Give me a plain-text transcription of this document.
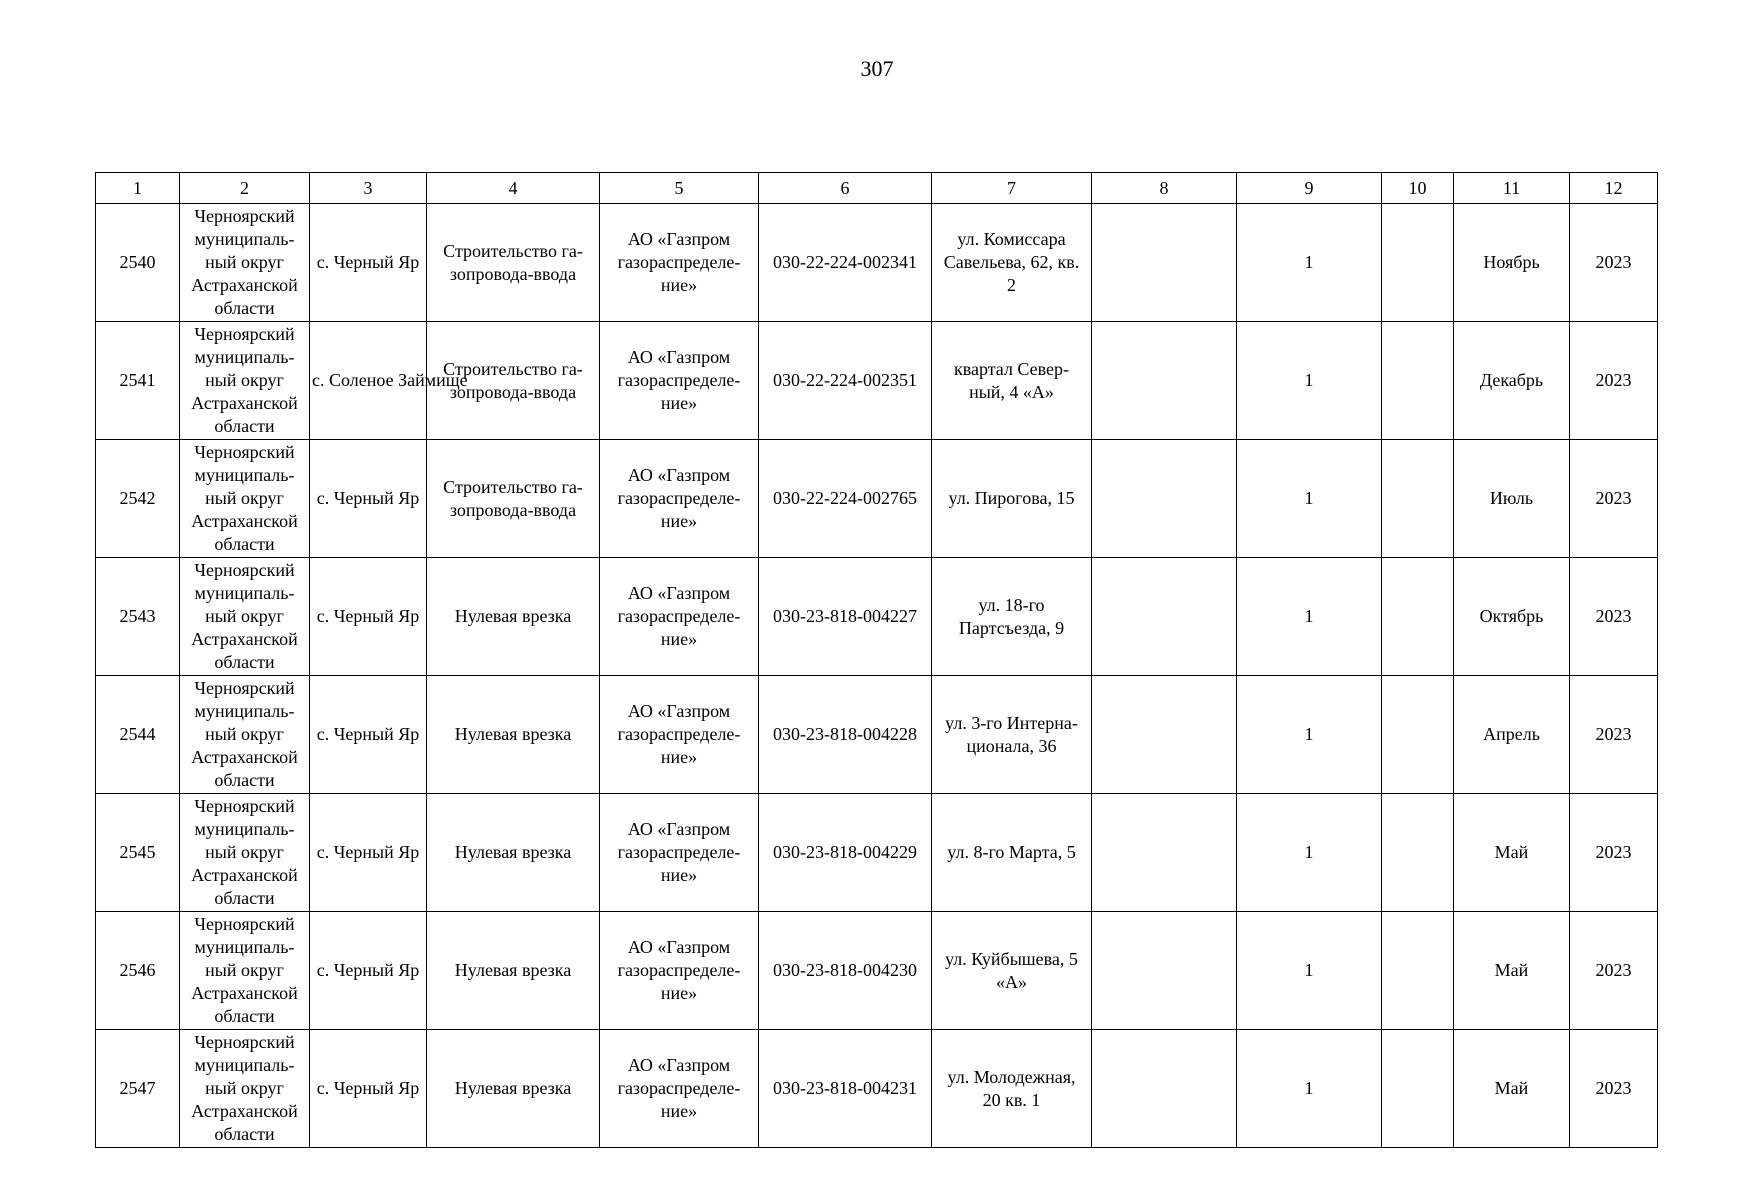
307
1	2	3	4	5	6	7	8	9	10	11	12
2540	Черноярский
муниципаль-
ный округ
Астраханской
области	с. Черный Яр	Строительство га-
зопровода-ввода	АО «Газпром
газораспределе-
ние»	030-22-224-002341	ул. Комиссара
Савельева, 62, кв.
2		1		Ноябрь	2023
2541	Черноярский
муниципаль-
ный округ
Астраханской
области	с. Соленое Займище	Строительство га-
зопровода-ввода	АО «Газпром
газораспределе-
ние»	030-22-224-002351	квартал Север-
ный, 4 «А»		1		Декабрь	2023
2542	Черноярский
муниципаль-
ный округ
Астраханской
области	с. Черный Яр	Строительство га-
зопровода-ввода	АО «Газпром
газораспределе-
ние»	030-22-224-002765	ул. Пирогова, 15		1		Июль	2023
2543	Черноярский
муниципаль-
ный округ
Астраханской
области	с. Черный Яр	Нулевая врезка	АО «Газпром
газораспределе-
ние»	030-23-818-004227	ул. 18-го
Партсъезда, 9		1		Октябрь	2023
2544	Черноярский
муниципаль-
ный округ
Астраханской
области	с. Черный Яр	Нулевая врезка	АО «Газпром
газораспределе-
ние»	030-23-818-004228	ул. 3-го Интерна-
ционала, 36		1		Апрель	2023
2545	Черноярский
муниципаль-
ный округ
Астраханской
области	с. Черный Яр	Нулевая врезка	АО «Газпром
газораспределе-
ние»	030-23-818-004229	ул. 8-го Марта, 5		1		Май	2023
2546	Черноярский
муниципаль-
ный округ
Астраханской
области	с. Черный Яр	Нулевая врезка	АО «Газпром
газораспределе-
ние»	030-23-818-004230	ул. Куйбышева, 5
«А»		1		Май	2023
2547	Черноярский
муниципаль-
ный округ
Астраханской
области	с. Черный Яр	Нулевая врезка	АО «Газпром
газораспределе-
ние»	030-23-818-004231	ул. Молодежная,
20 кв. 1		1		Май	2023
